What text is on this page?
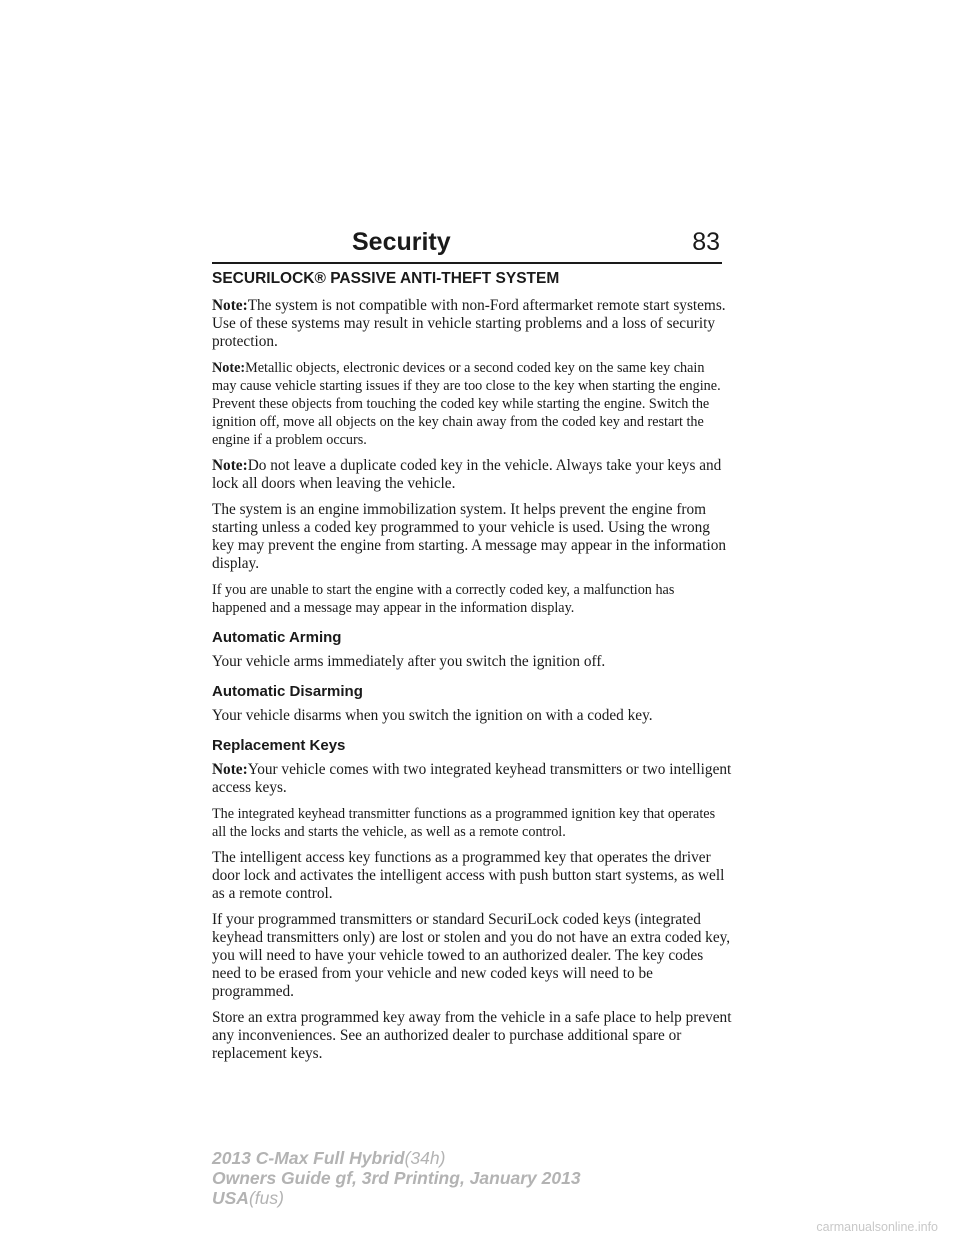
Security	83
SECURILOCK® PASSIVE ANTI-THEFT SYSTEM

Note:The system is not compatible with non-Ford aftermarket remote start systems. Use of these systems may result in vehicle starting problems and a loss of security protection.

Note:Metallic objects, electronic devices or a second coded key on the same key chain may cause vehicle starting issues if they are too close to the key when starting the engine. Prevent these objects from touching the coded key while starting the engine. Switch the ignition off, move all objects on the key chain away from the coded key and restart the engine if a problem occurs.

Note:Do not leave a duplicate coded key in the vehicle. Always take your keys and lock all doors when leaving the vehicle.

The system is an engine immobilization system. It helps prevent the engine from starting unless a coded key programmed to your vehicle is used. Using the wrong key may prevent the engine from starting. A message may appear in the information display.

If you are unable to start the engine with a correctly coded key, a malfunction has happened and a message may appear in the information display.

Automatic Arming

Your vehicle arms immediately after you switch the ignition off.

Automatic Disarming

Your vehicle disarms when you switch the ignition on with a coded key.

Replacement Keys

Note:Your vehicle comes with two integrated keyhead transmitters or two intelligent access keys.

The integrated keyhead transmitter functions as a programmed ignition key that operates all the locks and starts the vehicle, as well as a remote control.

The intelligent access key functions as a programmed key that operates the driver door lock and activates the intelligent access with push button start systems, as well as a remote control.

If your programmed transmitters or standard SecuriLock coded keys (integrated keyhead transmitters only) are lost or stolen and you do not have an extra coded key, you will need to have your vehicle towed to an authorized dealer. The key codes need to be erased from your vehicle and new coded keys will need to be programmed.

Store an extra programmed key away from the vehicle in a safe place to help prevent any inconveniences. See an authorized dealer to purchase additional spare or replacement keys.

2013 C-Max Full Hybrid(34h)
Owners Guide gf, 3rd Printing, January 2013
USA(fus)
carmanualsonline.info
